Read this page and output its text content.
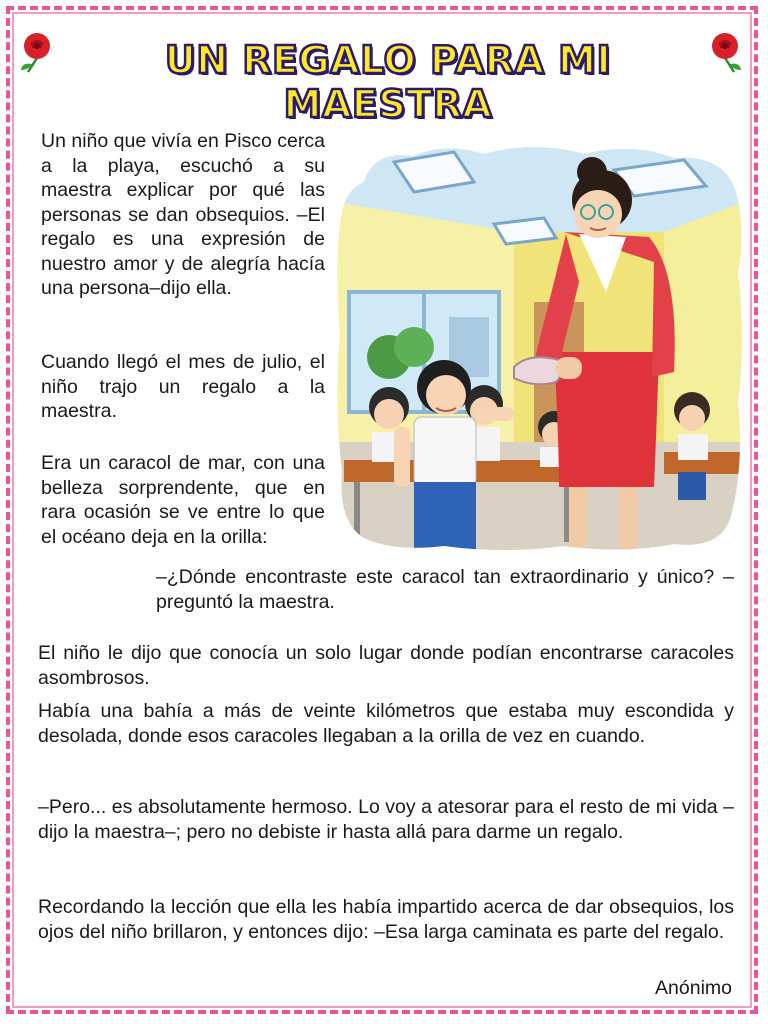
UN REGALO PARA MI MAESTRA

Un niño que vivía en Pisco cerca a la playa, escuchó a su maestra explicar por qué las personas se dan obsequios. –El regalo es una expresión de nuestro amor y de alegría hacía una persona–dijo ella.

Cuando llegó el mes de julio, el niño trajo un regalo a la maestra.

Era un caracol de mar, con una belleza sorprendente, que en rara ocasión se ve entre lo que el océano deja en la orilla:

–¿Dónde encontraste este caracol tan extraordinario y único? –preguntó la maestra.

El niño le dijo que conocía un solo lugar donde podían encontrarse caracoles asombrosos.

Había una bahía a más de veinte kilómetros que estaba muy escondida y desolada, donde esos caracoles llegaban a la orilla de vez en cuando.

–Pero... es absolutamente hermoso. Lo voy a atesorar para el resto de mi vida –dijo la maestra–; pero no debiste ir hasta allá para darme un regalo.

Recordando la lección que ella les había impartido acerca de dar obsequios, los ojos del niño brillaron, y entonces dijo: –Esa larga caminata es parte del regalo.

Anónimo
